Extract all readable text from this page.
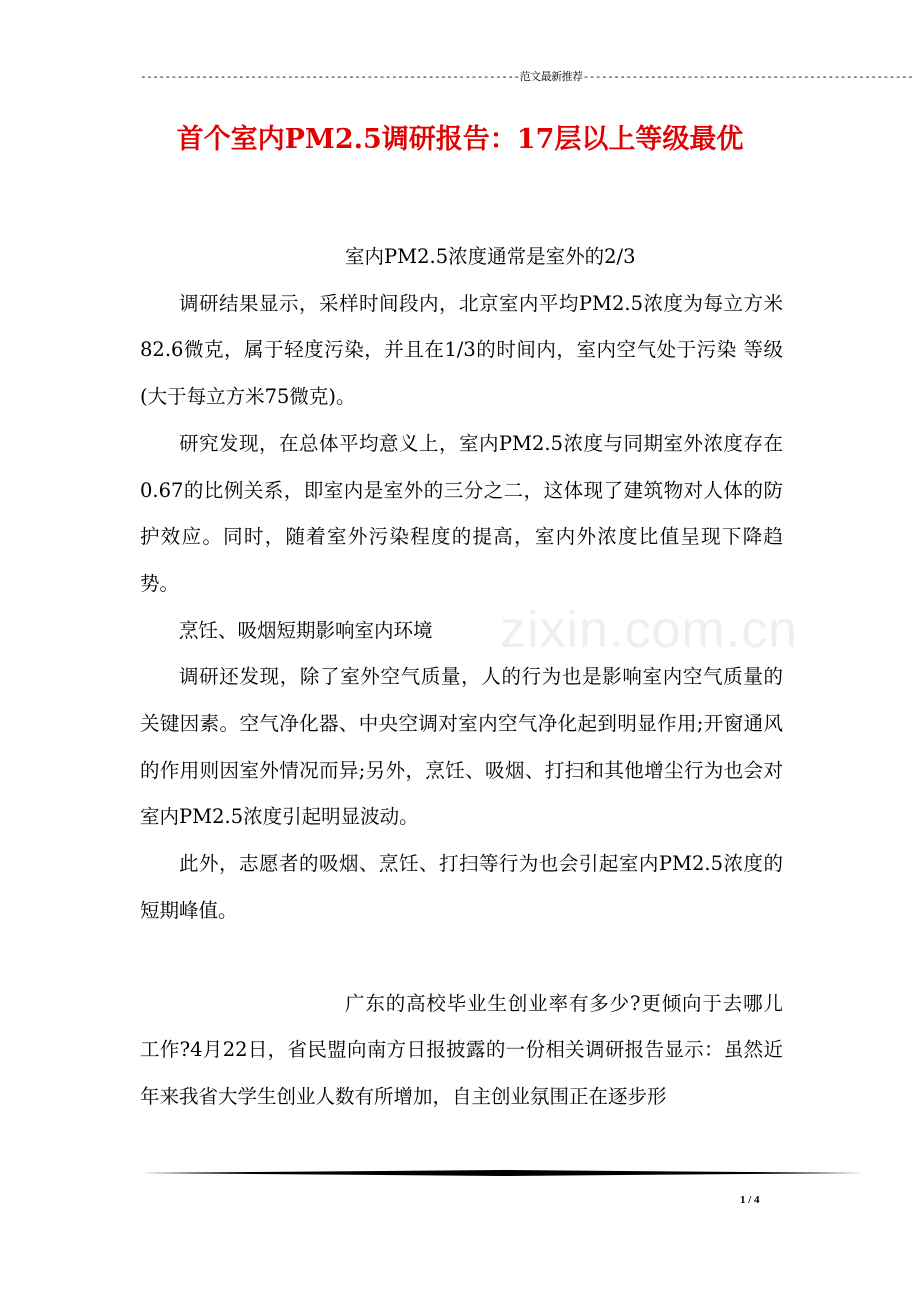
--------------------------------------------------------------范文最新推荐------------------------------------------------------
首个室内PM2.5调研报告：17层以上等级最优
zixin.com.cn

室内PM2.5浓度通常是室外的2/3

调研结果显示，采样时间段内，北京室内平均PM2.5浓度为每立方米82.6微克，属于轻度污染，并且在1/3的时间内，室内空气处于污染 等级(大于每立方米75微克)。

研究发现，在总体平均意义上，室内PM2.5浓度与同期室外浓度存在0.67的比例关系，即室内是室外的三分之二，这体现了建筑物对人体的防护效应。同时，随着室外污染程度的提高，室内外浓度比值呈现下降趋势。

烹饪、吸烟短期影响室内环境

调研还发现，除了室外空气质量，人的行为也是影响室内空气质量的关键因素。空气净化器、中央空调对室内空气净化起到明显作用;开窗通风的作用则因室外情况而异;另外，烹饪、吸烟、打扫和其他增尘行为也会对室内PM2.5浓度引起明显波动。

此外，志愿者的吸烟、烹饪、打扫等行为也会引起室内PM2.5浓度的短期峰值。

广东的高校毕业生创业率有多少?更倾向于去哪儿工作?4月22日，省民盟向南方日报披露的一份相关调研报告显示：虽然近年来我省大学生创业人数有所增加，自主创业氛围正在逐步形

1 / 4
